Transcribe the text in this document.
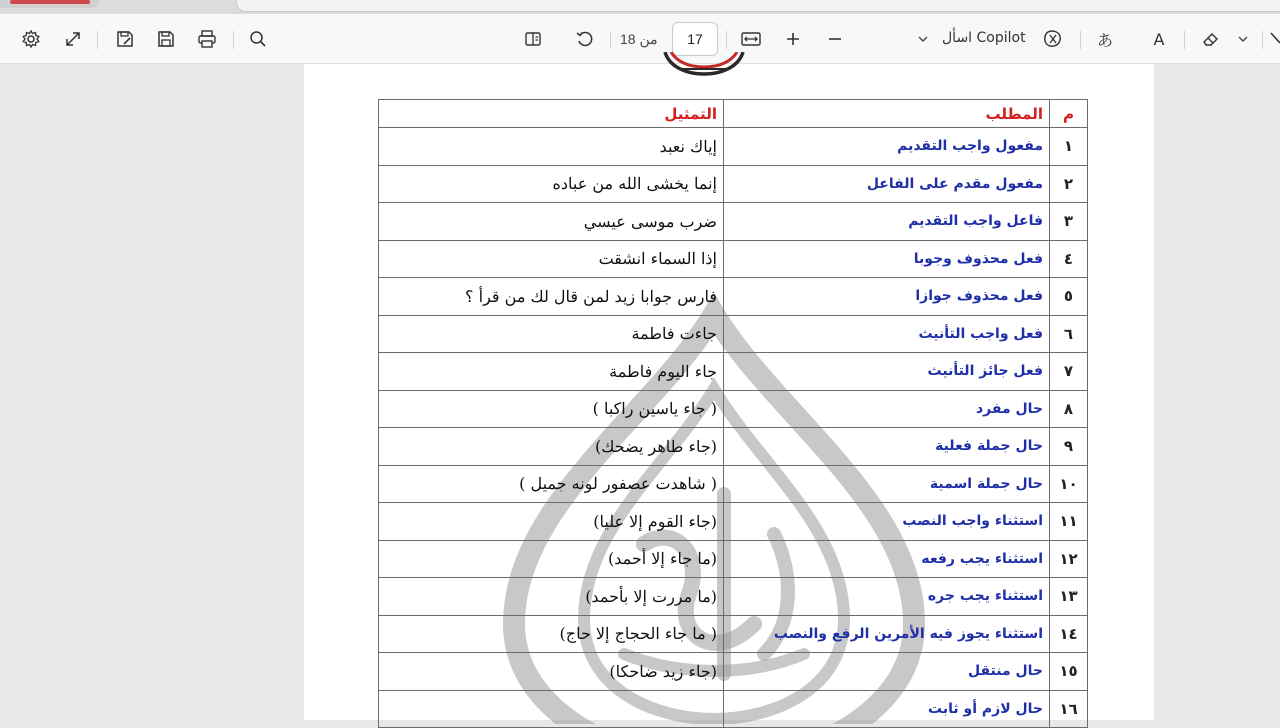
من 18
17	اسأل Copilot	あ	A
م	المطلب	التمثيل
١	مفعول واجب التقديم	إياك نعبد
٢	مفعول مقدم على الفاعل	إنما يخشى الله من عباده
٣	فاعل واجب التقديم	ضرب موسى عيسي
٤	فعل محذوف وجوبا	إذا السماء انشقت
٥	فعل محذوف جوازا	فارس جوابا زيد لمن قال لك من قرأ ؟
٦	فعل واجب التأنيث	جاءت فاطمة
٧	فعل جائز التأنيث	جاء اليوم فاطمة
٨	حال مفرد	( جاء ياسين راكبا )
٩	حال جملة فعلية	(جاء طاهر يضحك)
١٠	حال جملة اسمية	( شاهدت عصفور لونه جميل )
١١	استثناء واجب النصب	(جاء القوم إلا عليا)
١٢	استثناء يجب رفعه	(ما جاء إلا أحمد)
١٣	استثناء يجب جره	(ما مررت إلا بأحمد)
١٤	استثناء يجوز فيه الأمرين الرفع والنصب	( ما جاء الحجاج إلا حاج)
١٥	حال منتقل	(جاء زيد ضاحكا)
١٦	حال لازم أو ثابت	
